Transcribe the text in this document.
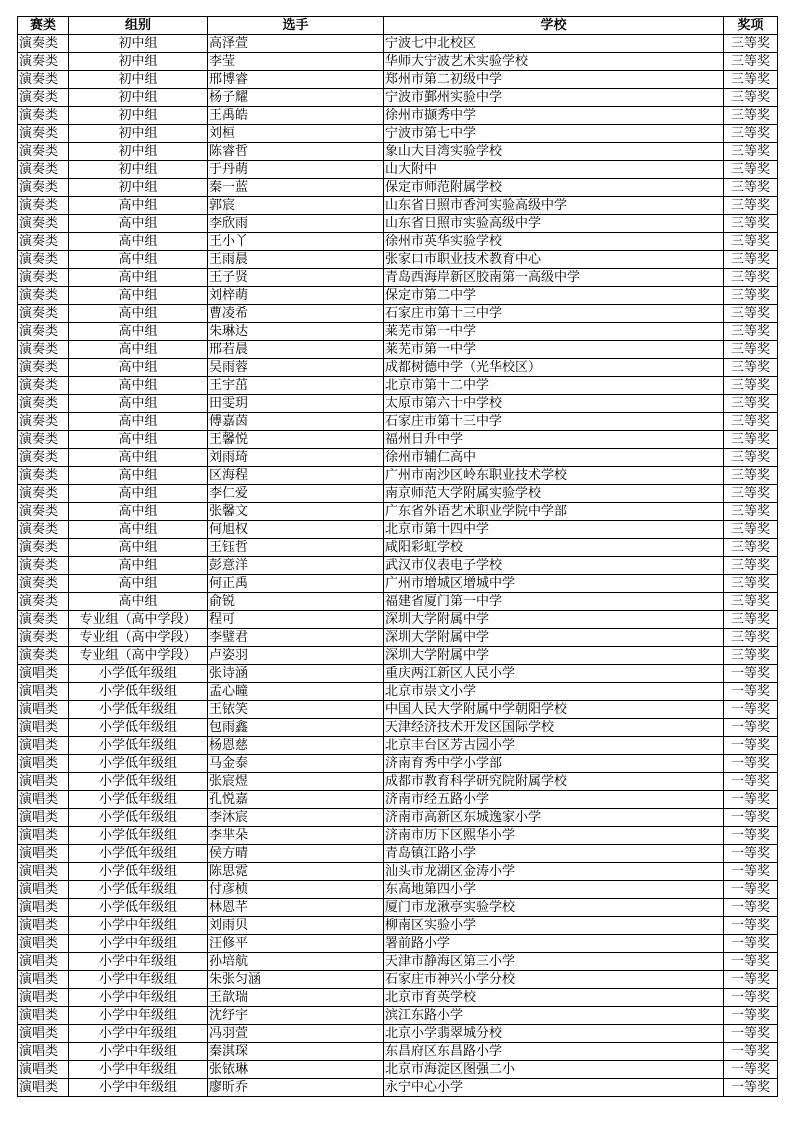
赛类	组别	选手	学校	奖项
演奏类	初中组	高泽萱	宁波七中北校区	三等奖
演奏类	初中组	李莹	华师大宁波艺术实验学校	三等奖
演奏类	初中组	邢博睿	郑州市第二初级中学	三等奖
演奏类	初中组	杨子耀	宁波市鄞州实验中学	三等奖
演奏类	初中组	王禹皓	徐州市撷秀中学	三等奖
演奏类	初中组	刘桓	宁波市第七中学	三等奖
演奏类	初中组	陈睿哲	象山大目湾实验学校	三等奖
演奏类	初中组	于丹萌	山大附中	三等奖
演奏类	初中组	秦一蓝	保定市师范附属学校	三等奖
演奏类	高中组	郭宸	山东省日照市香河实验高级中学	三等奖
演奏类	高中组	李欣雨	山东省日照市实验高级中学	三等奖
演奏类	高中组	王小丫	徐州市英华实验学校	三等奖
演奏类	高中组	王雨晨	张家口市职业技术教育中心	三等奖
演奏类	高中组	王子贤	青岛西海岸新区胶南第一高级中学	三等奖
演奏类	高中组	刘梓萌	保定市第二中学	三等奖
演奏类	高中组	曹凌希	石家庄市第十三中学	三等奖
演奏类	高中组	朱琳达	莱芜市第一中学	三等奖
演奏类	高中组	邢若晨	莱芜市第一中学	三等奖
演奏类	高中组	吴雨蓉	成都树德中学（光华校区）	三等奖
演奏类	高中组	王宇茁	北京市第十二中学	三等奖
演奏类	高中组	田雯玥	太原市第六十中学校	三等奖
演奏类	高中组	傅嘉茵	石家庄市第十三中学	三等奖
演奏类	高中组	王馨悦	福州日升中学	三等奖
演奏类	高中组	刘雨琦	徐州市辅仁高中	三等奖
演奏类	高中组	区海程	广州市南沙区岭东职业技术学校	三等奖
演奏类	高中组	李仁爱	南京师范大学附属实验学校	三等奖
演奏类	高中组	张馨文	广东省外语艺术职业学院中学部	三等奖
演奏类	高中组	何旭权	北京市第十四中学	三等奖
演奏类	高中组	王钰哲	咸阳彩虹学校	三等奖
演奏类	高中组	彭意洋	武汉市仪表电子学校	三等奖
演奏类	高中组	何正禹	广州市增城区增城中学	三等奖
演奏类	高中组	俞锐	福建省厦门第一中学	三等奖
演奏类	专业组（高中学段）	程可	深圳大学附属中学	三等奖
演奏类	专业组（高中学段）	李璧君	深圳大学附属中学	三等奖
演奏类	专业组（高中学段）	卢姿羽	深圳大学附属中学	三等奖
演唱类	小学低年级组	张诗涵	重庆两江新区人民小学	一等奖
演唱类	小学低年级组	孟心瞳	北京市崇文小学	一等奖
演唱类	小学低年级组	王铱笑	中国人民大学附属中学朝阳学校	一等奖
演唱类	小学低年级组	包雨鑫	天津经济技术开发区国际学校	一等奖
演唱类	小学低年级组	杨恩慈	北京丰台区芳古园小学	一等奖
演唱类	小学低年级组	马金泰	济南育秀中学小学部	一等奖
演唱类	小学低年级组	张宸煜	成都市教育科学研究院附属学校	一等奖
演唱类	小学低年级组	孔悦嘉	济南市经五路小学	一等奖
演唱类	小学低年级组	李沐宸	济南市高新区东城逸家小学	一等奖
演唱类	小学低年级组	李芈朵	济南市历下区熙华小学	一等奖
演唱类	小学低年级组	侯方晴	青岛镇江路小学	一等奖
演唱类	小学低年级组	陈思霓	汕头市龙湖区金涛小学	一等奖
演唱类	小学低年级组	付彦桢	东高地第四小学	一等奖
演唱类	小学低年级组	林恩芊	厦门市龙湫亭实验学校	一等奖
演唱类	小学中年级组	刘雨贝	柳南区实验小学	一等奖
演唱类	小学中年级组	汪修平	署前路小学	一等奖
演唱类	小学中年级组	孙培航	天津市静海区第三小学	一等奖
演唱类	小学中年级组	朱张匀涵	石家庄市神兴小学分校	一等奖
演唱类	小学中年级组	王歆瑞	北京市育英学校	一等奖
演唱类	小学中年级组	沈纾宇	滨江东路小学	一等奖
演唱类	小学中年级组	冯羽萱	北京小学翡翠城分校	一等奖
演唱类	小学中年级组	秦淇琛	东昌府区东昌路小学	一等奖
演唱类	小学中年级组	张铱琳	北京市海淀区图强二小	一等奖
演唱类	小学中年级组	廖昕乔	永宁中心小学	一等奖
